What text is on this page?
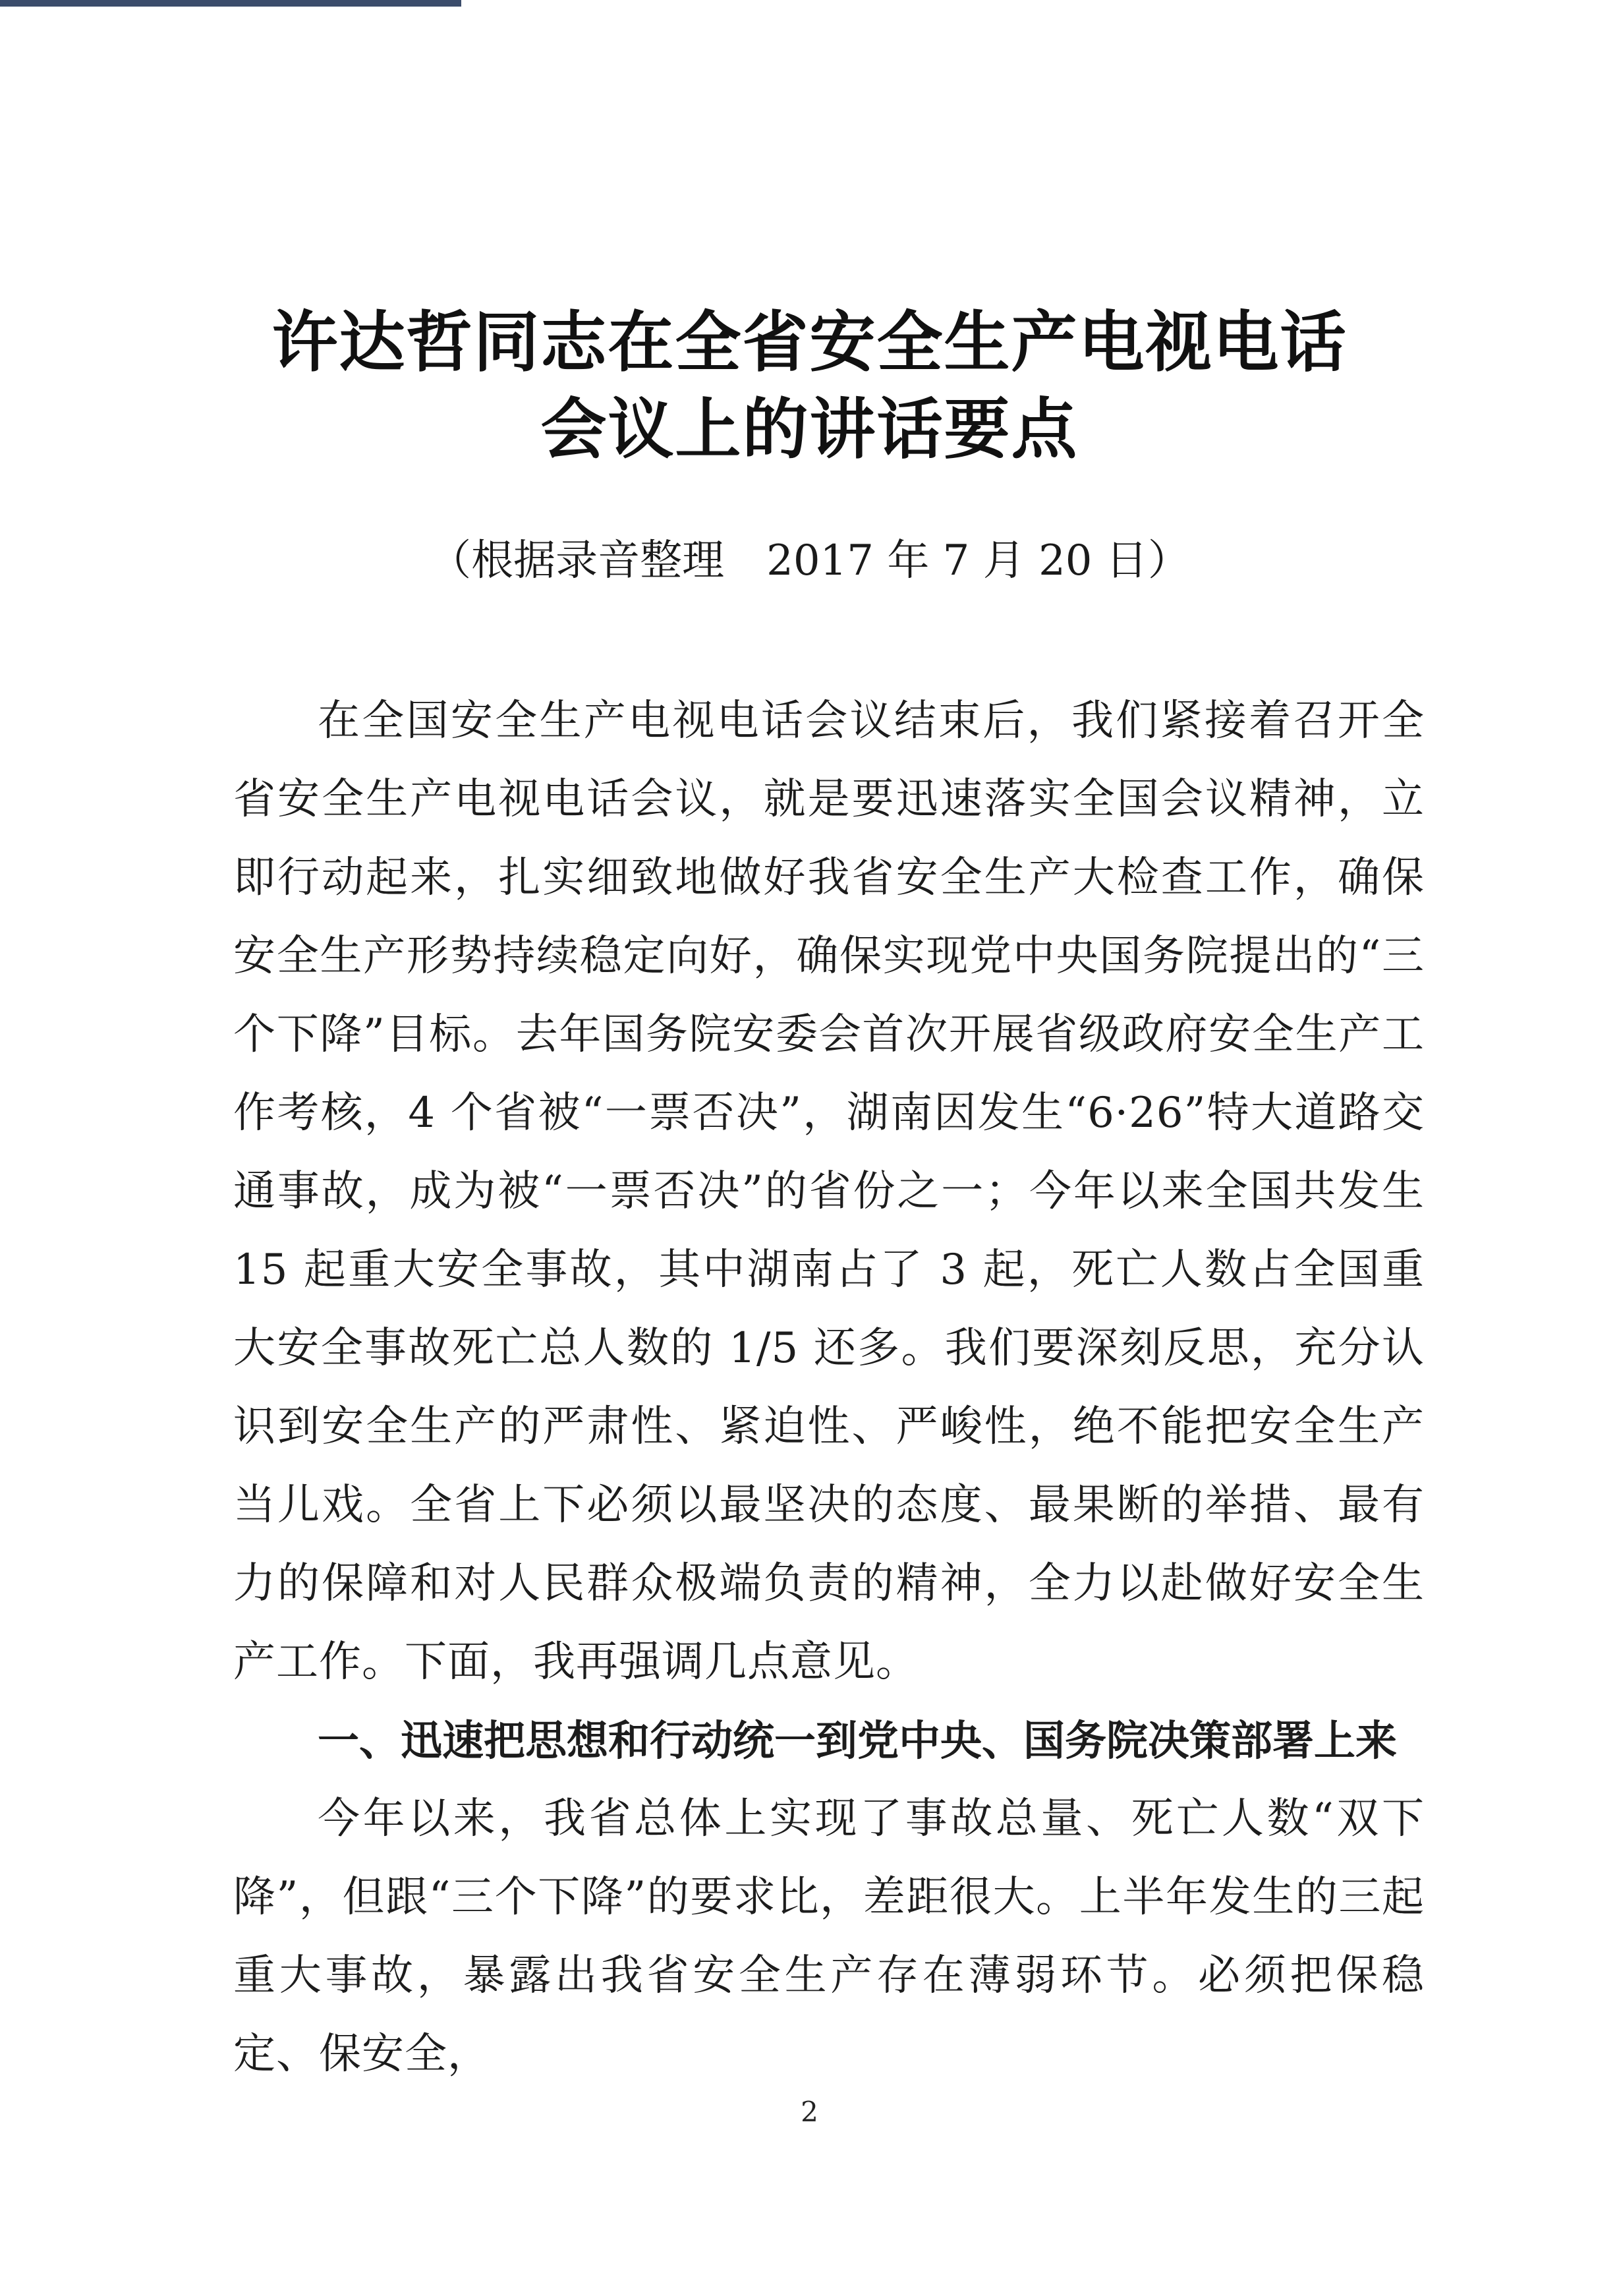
许达哲同志在全省安全生产电视电话
会议上的讲话要点
（根据录音整理　2017 年 7 月 20 日）

在全国安全生产电视电话会议结束后，我们紧接着召开全省安全生产电视电话会议，就是要迅速落实全国会议精神，立即行动起来，扎实细致地做好我省安全生产大检查工作，确保安全生产形势持续稳定向好，确保实现党中央国务院提出的“三个下降”目标。去年国务院安委会首次开展省级政府安全生产工作考核，4 个省被“一票否决”，湖南因发生“6·26”特大道路交通事故，成为被“一票否决”的省份之一；今年以来全国共发生 15 起重大安全事故，其中湖南占了 3 起，死亡人数占全国重大安全事故死亡总人数的 1/5 还多。我们要深刻反思，充分认识到安全生产的严肃性、紧迫性、严峻性，绝不能把安全生产当儿戏。全省上下必须以最坚决的态度、最果断的举措、最有力的保障和对人民群众极端负责的精神，全力以赴做好安全生产工作。下面，我再强调几点意见。

一、迅速把思想和行动统一到党中央、国务院决策部署上来

今年以来，我省总体上实现了事故总量、死亡人数“双下降”，但跟“三个下降”的要求比，差距很大。上半年发生的三起重大事故，暴露出我省安全生产存在薄弱环节。必须把保稳定、保安全，

2
